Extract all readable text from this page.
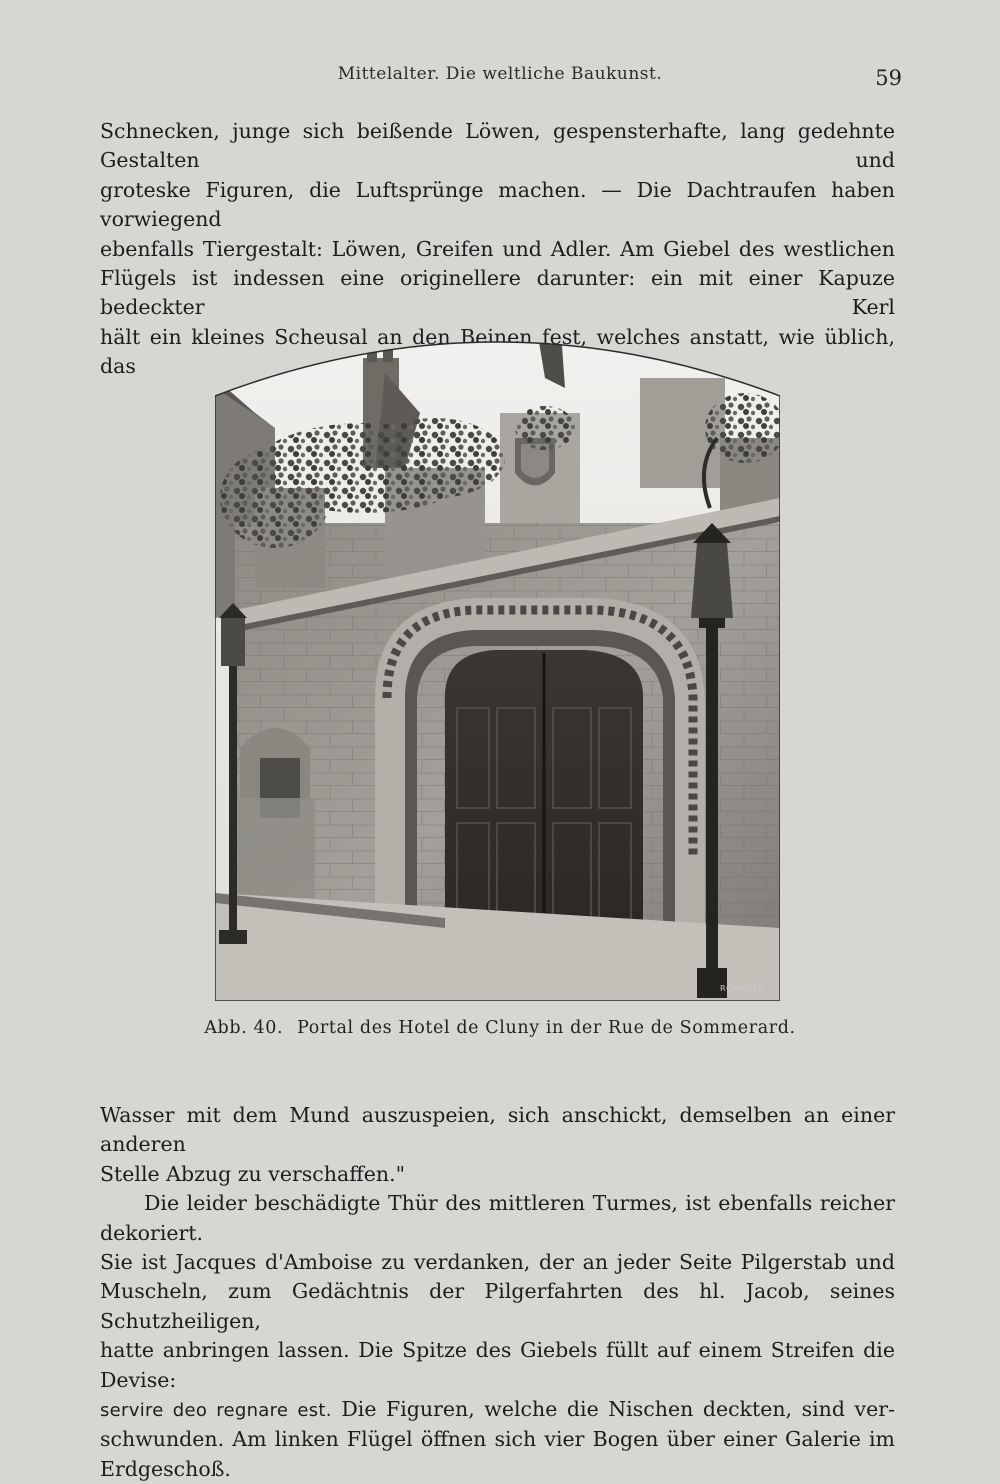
Mittelalter. Die weltliche Baukunst.	59

Schnecken, junge sich beißende Löwen, gespensterhafte, lang gedehnte Gestalten und

groteske Figuren, die Luftsprünge machen. — Die Dachtraufen haben vorwiegend

ebenfalls Tiergestalt: Löwen, Greifen und Adler. Am Giebel des westlichen

Flügels ist indessen eine originellere darunter: ein mit einer Kapuze bedeckter Kerl

hält ein kleines Scheusal an den Beinen fest, welches anstatt, wie üblich, das

RÖMMLER
Abb. 40. Portal des Hotel de Cluny in der Rue de Sommerard.

Wasser mit dem Mund auszuspeien, sich anschickt, demselben an einer anderen

Stelle Abzug zu verschaffen."

Die leider beschädigte Thür des mittleren Turmes, ist ebenfalls reicher dekoriert.

Sie ist Jacques d'Amboise zu verdanken, der an jeder Seite Pilgerstab und

Muscheln, zum Gedächtnis der Pilgerfahrten des hl. Jacob, seines Schutzheiligen,

hatte anbringen lassen. Die Spitze des Giebels füllt auf einem Streifen die Devise:

servire deo regnare est. Die Figuren, welche die Nischen deckten, sind ver-

schwunden. Am linken Flügel öffnen sich vier Bogen über einer Galerie im

Erdgeschoß.
